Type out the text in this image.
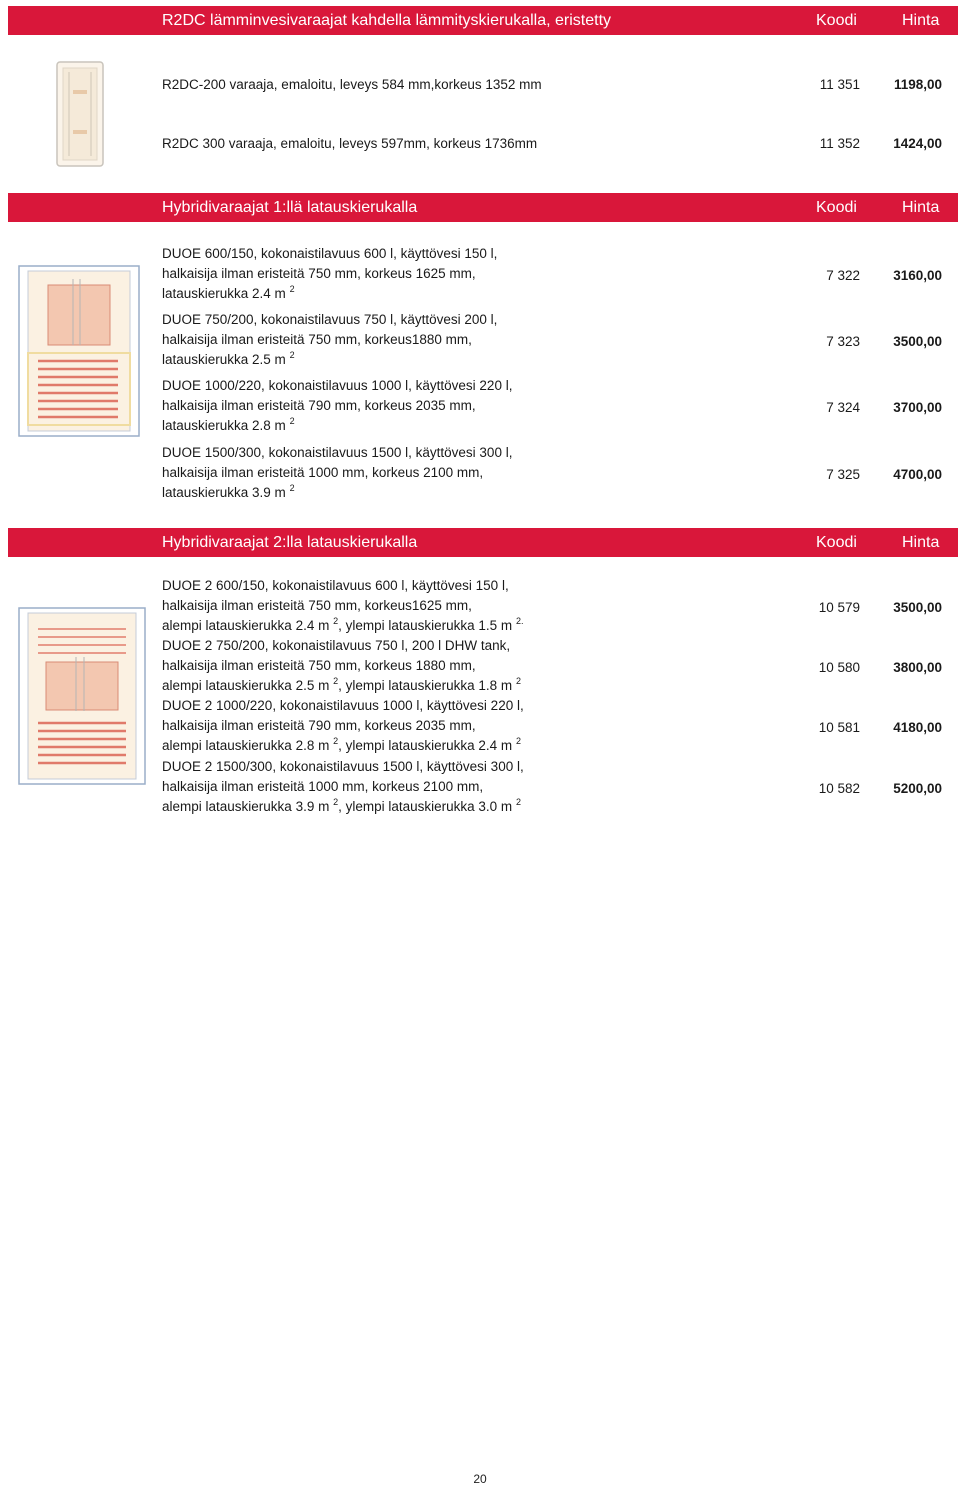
R2DC lämminvesivaraajat kahdella lämmityskierukalla, eristetty	Koodi	Hinta
R2DC-200 varaaja, emaloitu, leveys 584 mm,korkeus 1352 mm	11 351	1198,00
R2DC 300 varaaja, emaloitu, leveys 597mm, korkeus 1736mm	11 352	1424,00
Hybridivaraajat 1:llä latauskierukalla	Koodi	Hinta
DUOE 600/150, kokonaistilavuus 600 l, käyttövesi 150 l,
halkaisija ilman eristeitä 750 mm, korkeus 1625 mm,
latauskierukka 2.4 m $^2$
7 322	3160,00
DUOE 750/200, kokonaistilavuus 750 l, käyttövesi 200 l,
halkaisija ilman eristeitä 750 mm, korkeus1880 mm,
latauskierukka 2.5 m $^2$
7 323	3500,00
DUOE 1000/220, kokonaistilavuus 1000 l, käyttövesi 220 l,
halkaisija ilman eristeitä 790 mm, korkeus 2035 mm,
latauskierukka 2.8 m $^2$
7 324	3700,00
DUOE 1500/300, kokonaistilavuus 1500 l, käyttövesi 300 l,
halkaisija ilman eristeitä 1000 mm, korkeus 2100 mm,
latauskierukka 3.9 m $^2$
7 325	4700,00
Hybridivaraajat 2:lla latauskierukalla	Koodi	Hinta
DUOE 2 600/150, kokonaistilavuus 600 l, käyttövesi 150 l,
halkaisija ilman eristeitä 750 mm, korkeus1625 mm,
alempi latauskierukka 2.4 m $^2$, ylempi latauskierukka 1.5 m $^{2.}$
10 579	3500,00
DUOE 2 750/200, kokonaistilavuus 750 l, 200 l DHW tank,
halkaisija ilman eristeitä 750 mm, korkeus 1880 mm,
alempi latauskierukka 2.5 m $^2$, ylempi latauskierukka 1.8 m $^2$
10 580	3800,00
DUOE 2 1000/220, kokonaistilavuus 1000 l, käyttövesi 220 l,
halkaisija ilman eristeitä 790 mm, korkeus 2035 mm,
alempi latauskierukka 2.8 m $^2$, ylempi latauskierukka 2.4 m $^2$
10 581	4180,00
DUOE 2 1500/300, kokonaistilavuus 1500 l, käyttövesi 300 l,
halkaisija ilman eristeitä 1000 mm, korkeus 2100 mm,
alempi latauskierukka 3.9 m $^2$, ylempi latauskierukka 3.0 m $^2$
10 582	5200,00
20
